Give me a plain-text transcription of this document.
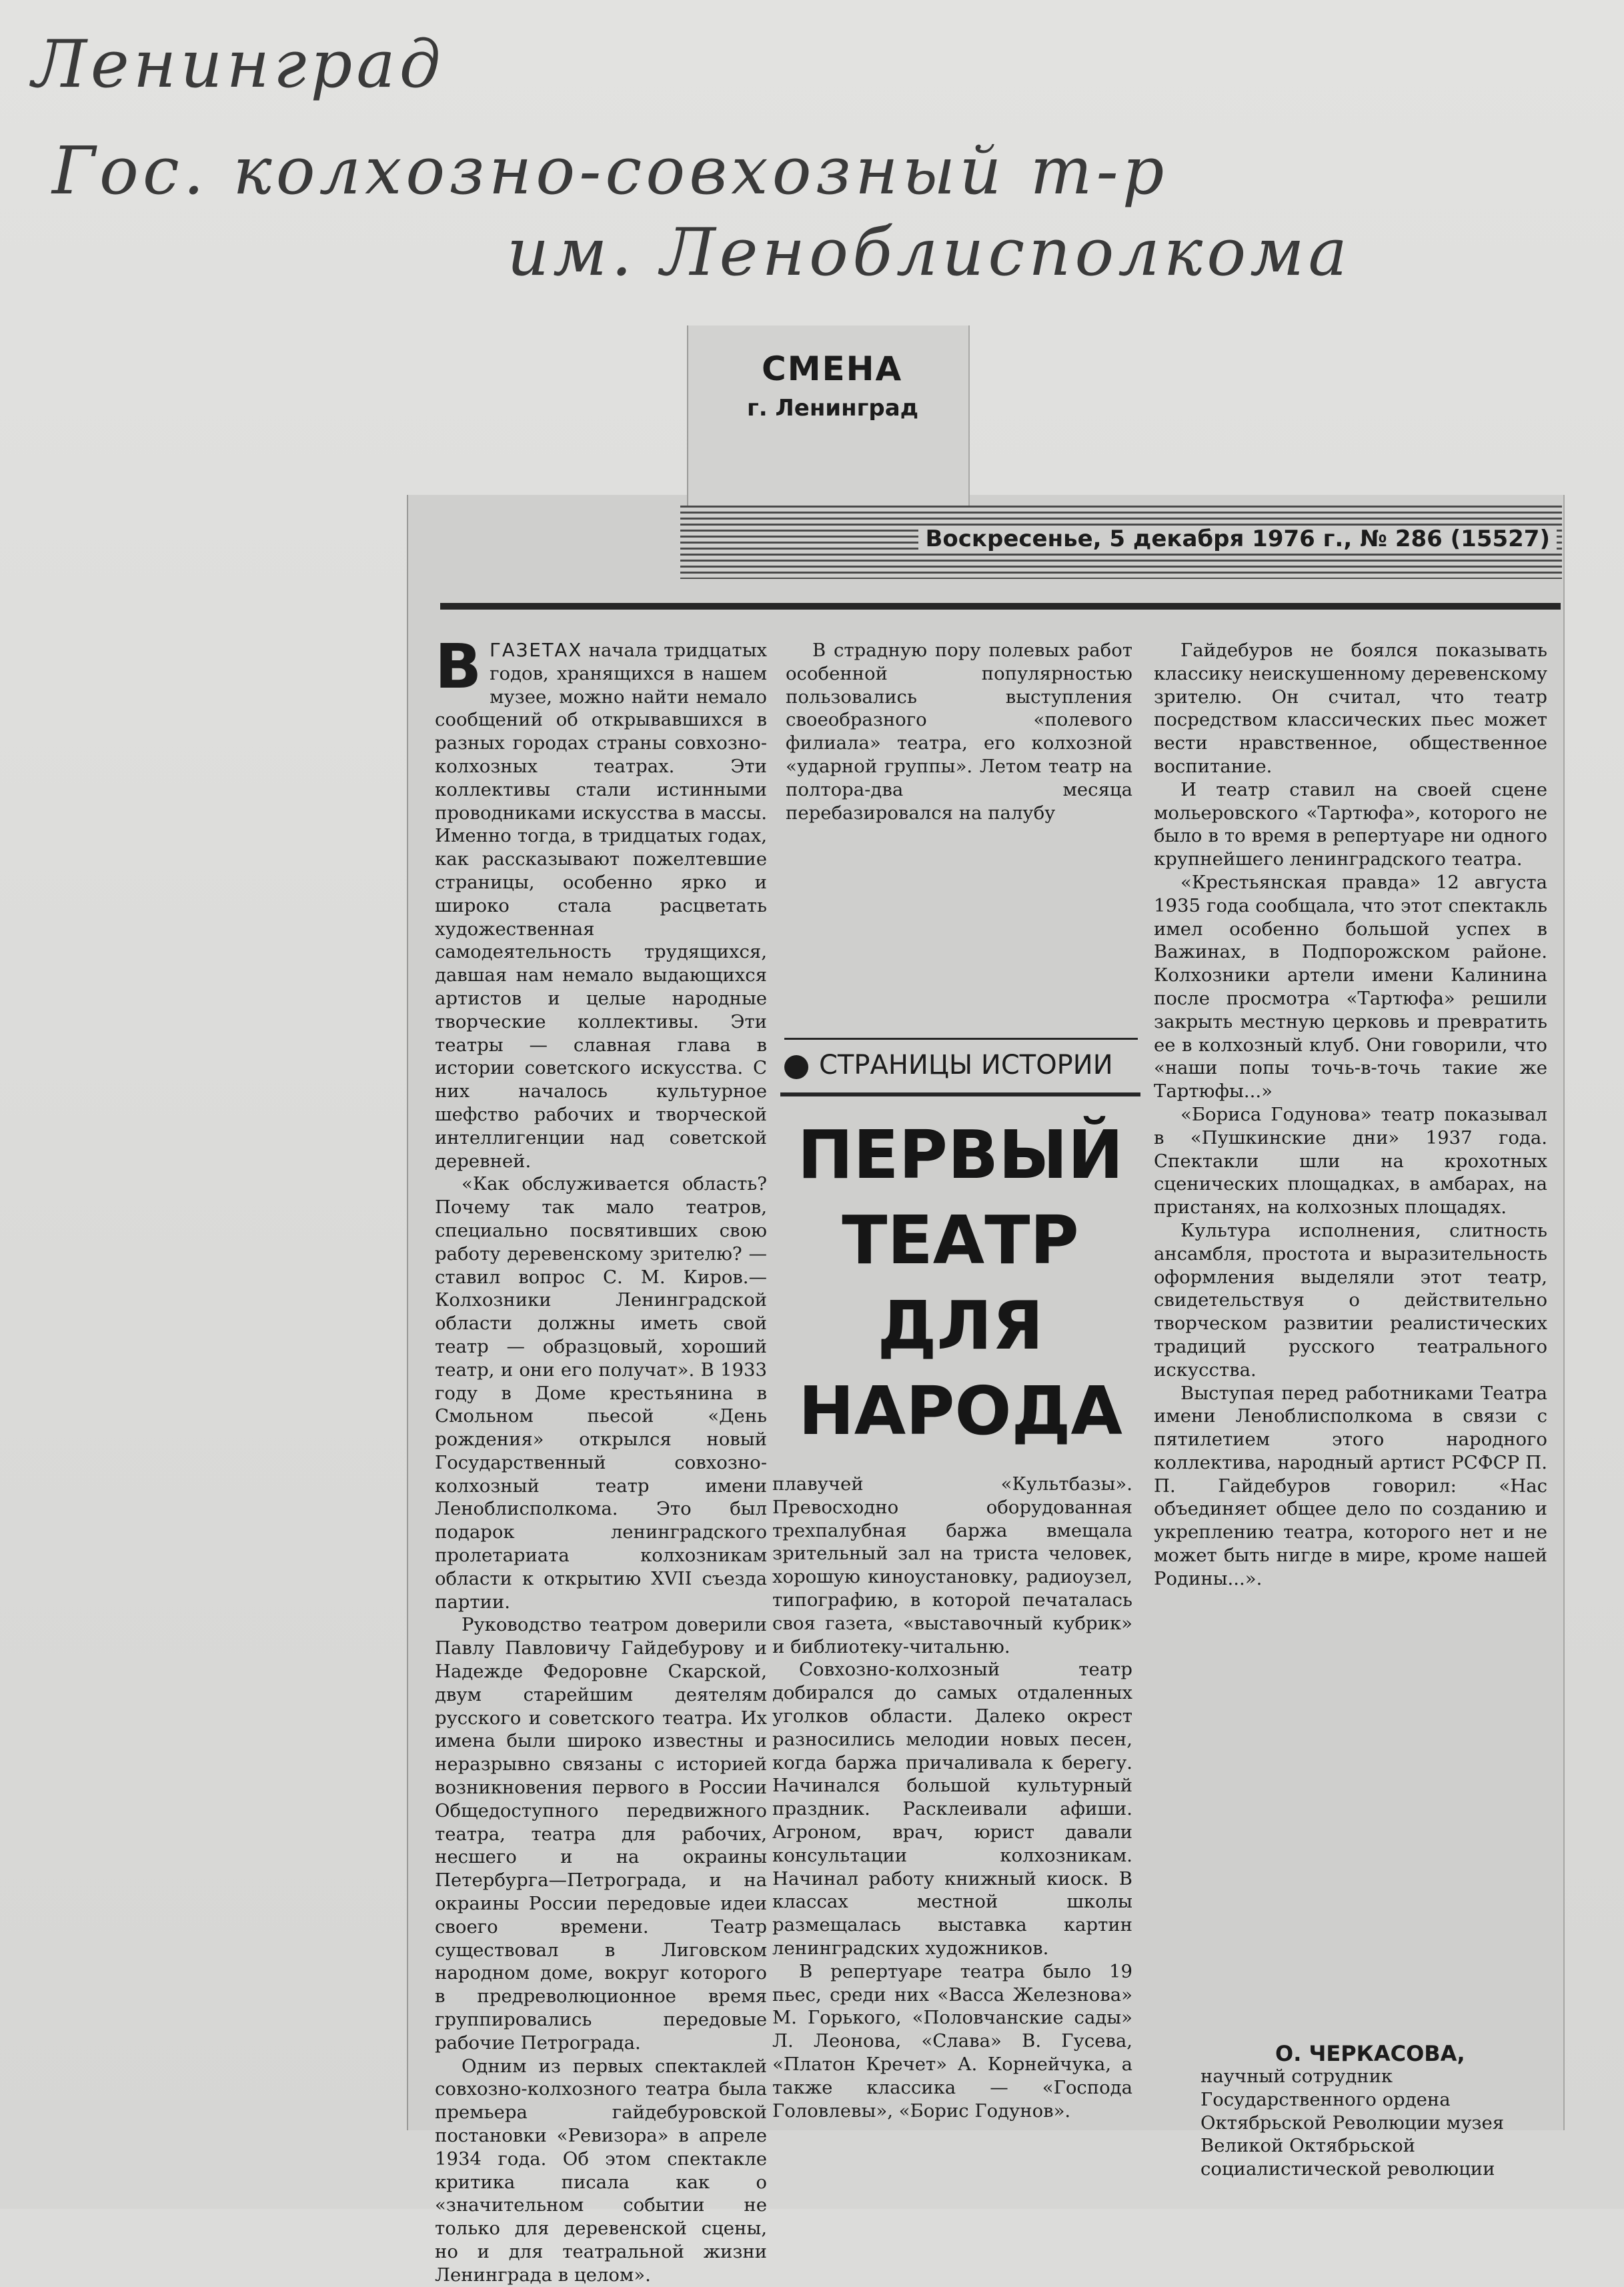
Ленинград
Гос. колхозно-совхозный т-р
им. Леноблисполкома
СМЕНА
г. Ленинград
Воскресенье, 5 декабря 1976 г., № 286 (15527)

ВГАЗЕТАХ начала тридцатых годов, хранящихся в нашем музее, можно найти немало сообщений об открывавшихся в разных городах страны совхозно-колхозных театрах. Эти коллективы стали истинными проводниками искусства в массы. Именно тогда, в тридцатых годах, как рассказывают пожелтевшие страницы, особенно ярко и широко стала расцветать художественная самодеятельность трудящихся, давшая нам немало выдающихся артистов и целые народные творческие коллективы. Эти театры — славная глава в истории советского искусства. С них началось культурное шефство рабочих и творческой интеллигенции над советской деревней.

«Как обслуживается область? Почему так мало театров, специально посвятивших свою работу деревенскому зрителю? — ставил вопрос С. М. Киров.— Колхозники Ленинградской области должны иметь свой театр — образцовый, хороший театр, и они его получат». В 1933 году в Доме крестьянина в Смольном пьесой «День рождения» открылся новый Государственный совхозно-колхозный театр имени Леноблисполкома. Это был подарок ленинградского пролетариата колхозникам области к открытию XVII съезда партии.

Руководство театром доверили Павлу Павловичу Гайдебурову и Надежде Федоровне Скарской, двум старейшим деятелям русского и советского театра. Их имена были широко известны и неразрывно связаны с историей возникновения первого в России Общедоступного передвижного театра, театра для рабочих, несшего и на окраины Петербурга—Петрограда, и на окраины России передовые идеи своего времени. Театр существовал в Лиговском народном доме, вокруг которого в предреволюционное время группировались передовые рабочие Петрограда.

Одним из первых спектаклей совхозно-колхозного театра была премьера гайдебуровской постановки «Ревизора» в апреле 1934 года. Об этом спектакле критика писала как о «значительном событии не только для деревенской сцены, но и для театральной жизни Ленинграда в целом».

В страдную пору полевых работ особенной популярностью пользовались выступления своеобразного «полевого филиала» театра, его колхозной «ударной группы». Летом театр на полтора-два месяца перебазировался на палубу

СТРАНИЦЫ ИСТОРИИ
ПЕРВЫЙ
ТЕАТР
ДЛЯ
НАРОДА

плавучей «Культбазы». Превосходно оборудованная трехпалубная баржа вмещала зрительный зал на триста человек, хорошую киноустановку, радиоузел, типографию, в которой печаталась своя газета, «выставочный кубрик» и библиотеку-читальню.

Совхозно-колхозный театр добирался до самых отдаленных уголков области. Далеко окрест разносились мелодии новых песен, когда баржа причаливала к берегу. Начинался большой культурный праздник. Расклеивали афиши. Агроном, врач, юрист давали консультации колхозникам. Начинал работу книжный киоск. В классах местной школы размещалась выставка картин ленинградских художников.

В репертуаре театра было 19 пьес, среди них «Васса Железнова» М. Горького, «Половчанские сады» Л. Леонова, «Слава» В. Гусева, «Платон Кречет» А. Корнейчука, а также классика — «Господа Головлевы», «Борис Годунов».

Гайдебуров не боялся показывать классику неискушенному деревенскому зрителю. Он считал, что театр посредством классических пьес может вести нравственное, общественное воспитание.

И театр ставил на своей сцене мольеровского «Тартюфа», которого не было в то время в репертуаре ни одного крупнейшего ленинградского театра.

«Крестьянская правда» 12 августа 1935 года сообщала, что этот спектакль имел особенно большой успех в Важинах, в Подпорожском районе. Колхозники артели имени Калинина после просмотра «Тартюфа» решили закрыть местную церковь и превратить ее в колхозный клуб. Они говорили, что «наши попы точь-в-точь такие же Тартюфы...»

«Бориса Годунова» театр показывал в «Пушкинские дни» 1937 года. Спектакли шли на крохотных сценических площадках, в амбарах, на пристанях, на колхозных площадях.

Культура исполнения, слитность ансамбля, простота и выразительность оформления выделяли этот театр, свидетельствуя о действительно творческом развитии реалистических традиций русского театрального искусства.

Выступая перед работниками Театра имени Леноблисполкома в связи с пятилетием этого народного коллектива, народный артист РСФСР П. П. Гайдебуров говорил: «Нас объединяет общее дело по созданию и укреплению театра, которого нет и не может быть нигде в мире, кроме нашей Родины...».

О. ЧЕРКАСОВА,
научный сотрудник Государственного ордена Октябрьской Революции музея Великой Октябрьской социалистической революции
